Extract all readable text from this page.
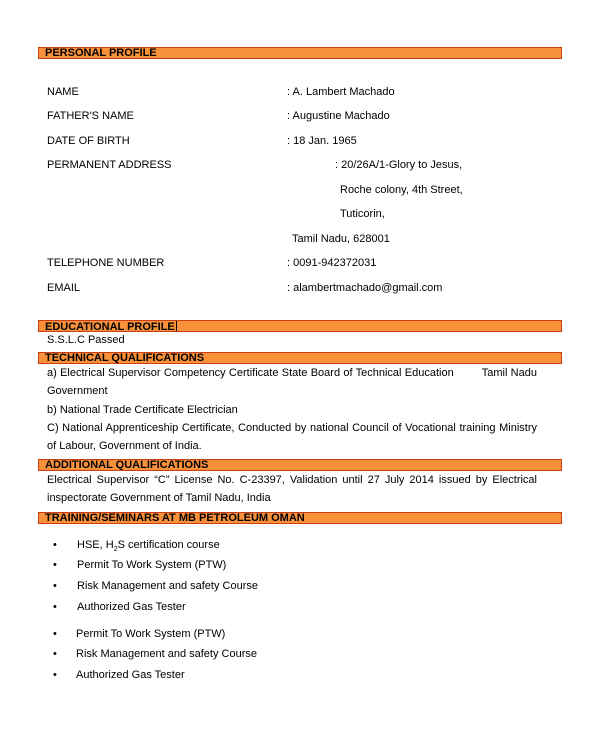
PERSONAL PROFILE
NAME	: A. Lambert Machado
FATHER'S NAME	: Augustine Machado
DATE OF BIRTH	: 18 Jan. 1965
PERMANENT ADDRESS	: 20/26A/1-Glory to Jesus,
Roche colony, 4th Street,
Tuticorin,
Tamil Nadu, 628001
TELEPHONE NUMBER	: 0091-942372031
EMAIL	: alambertmachado@gmail.com
EDUCATIONAL PROFILE
S.S.L.C Passed
TECHNICAL QUALIFICATIONS
a) Electrical Supervisor Competency Certificate State Board of Technical Education	Tamil Nadu Government
b) National Trade Certificate Electrician
C) National Apprenticeship Certificate, Conducted by national Council of Vocational training Ministry of Labour, Government of India.
ADDITIONAL QUALIFICATIONS
Electrical Supervisor “C” License No. C-23397, Validation until 27 July 2014 issued by Electrical inspectorate Government of Tamil Nadu, India
TRAINING/SEMINARS AT MB PETROLEUM OMAN
• HSE, $H_2S$ certification course
• Permit To Work System (PTW)
• Risk Management and safety Course
• Authorized Gas Tester
• Permit To Work System (PTW)
• Risk Management and safety Course
• Authorized Gas Tester
